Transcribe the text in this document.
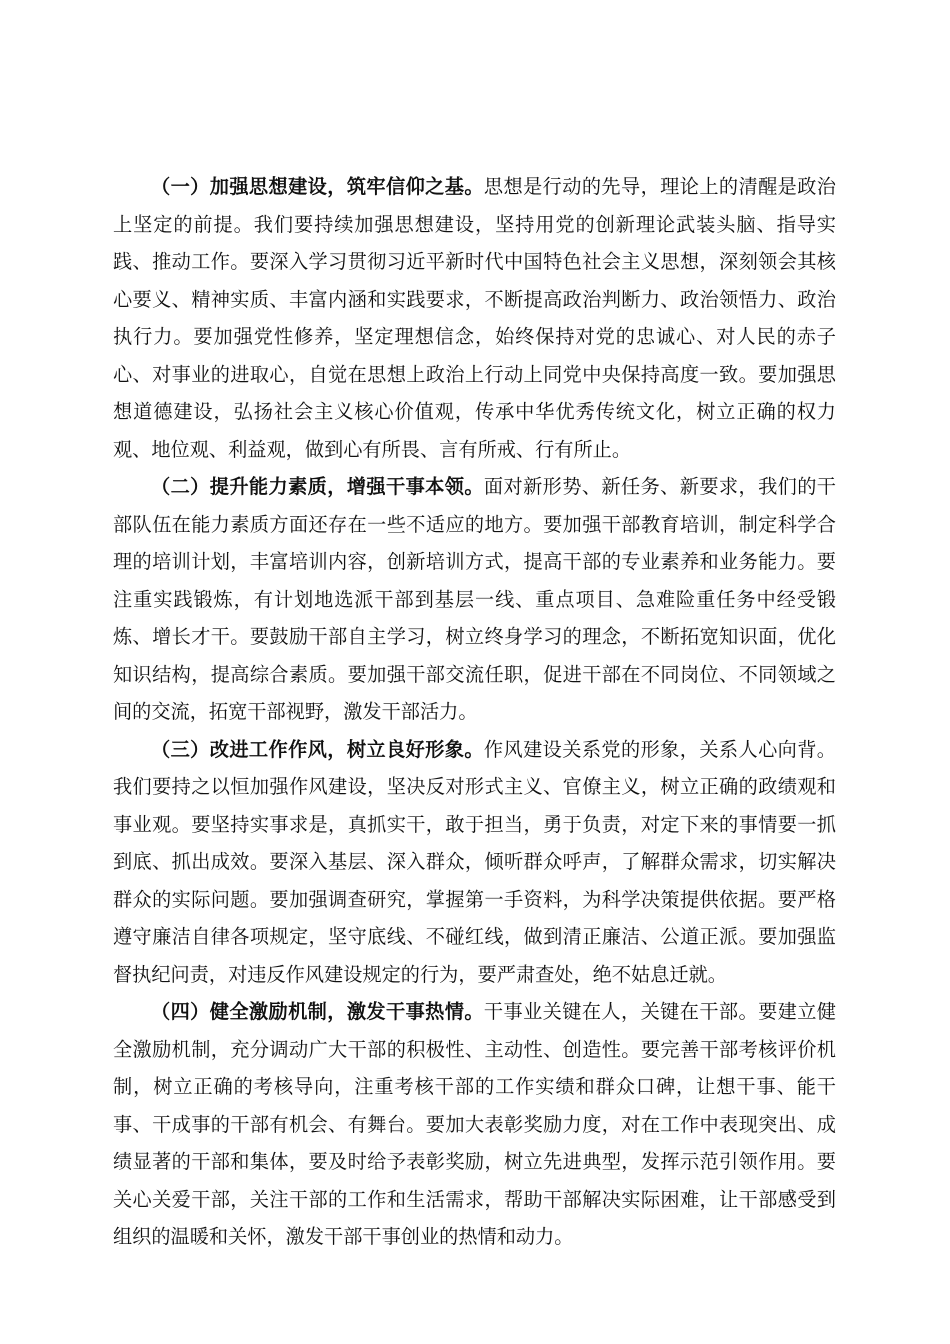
（一）加强思想建设，筑牢信仰之基。思想是行动的先导，理论上的清醒是政治上坚定的前提。我们要持续加强思想建设，坚持用党的创新理论武装头脑、指导实践、推动工作。要深入学习贯彻习近平新时代中国特色社会主义思想，深刻领会其核心要义、精神实质、丰富内涵和实践要求，不断提高政治判断力、政治领悟力、政治执行力。要加强党性修养，坚定理想信念，始终保持对党的忠诚心、对人民的赤子心、对事业的进取心，自觉在思想上政治上行动上同党中央保持高度一致。要加强思想道德建设，弘扬社会主义核心价值观，传承中华优秀传统文化，树立正确的权力观、地位观、利益观，做到心有所畏、言有所戒、行有所止。

（二）提升能力素质，增强干事本领。面对新形势、新任务、新要求，我们的干部队伍在能力素质方面还存在一些不适应的地方。要加强干部教育培训，制定科学合理的培训计划，丰富培训内容，创新培训方式，提高干部的专业素养和业务能力。要注重实践锻炼，有计划地选派干部到基层一线、重点项目、急难险重任务中经受锻炼、增长才干。要鼓励干部自主学习，树立终身学习的理念，不断拓宽知识面，优化知识结构，提高综合素质。要加强干部交流任职，促进干部在不同岗位、不同领域之间的交流，拓宽干部视野，激发干部活力。

（三）改进工作作风，树立良好形象。作风建设关系党的形象，关系人心向背。我们要持之以恒加强作风建设，坚决反对形式主义、官僚主义，树立正确的政绩观和事业观。要坚持实事求是，真抓实干，敢于担当，勇于负责，对定下来的事情要一抓到底、抓出成效。要深入基层、深入群众，倾听群众呼声，了解群众需求，切实解决群众的实际问题。要加强调查研究，掌握第一手资料，为科学决策提供依据。要严格遵守廉洁自律各项规定，坚守底线、不碰红线，做到清正廉洁、公道正派。要加强监督执纪问责，对违反作风建设规定的行为，要严肃查处，绝不姑息迁就。

（四）健全激励机制，激发干事热情。干事业关键在人，关键在干部。要建立健全激励机制，充分调动广大干部的积极性、主动性、创造性。要完善干部考核评价机制，树立正确的考核导向，注重考核干部的工作实绩和群众口碑，让想干事、能干事、干成事的干部有机会、有舞台。要加大表彰奖励力度，对在工作中表现突出、成绩显著的干部和集体，要及时给予表彰奖励，树立先进典型，发挥示范引领作用。要关心关爱干部，关注干部的工作和生活需求，帮助干部解决实际困难，让干部感受到组织的温暖和关怀，激发干部干事创业的热情和动力。
